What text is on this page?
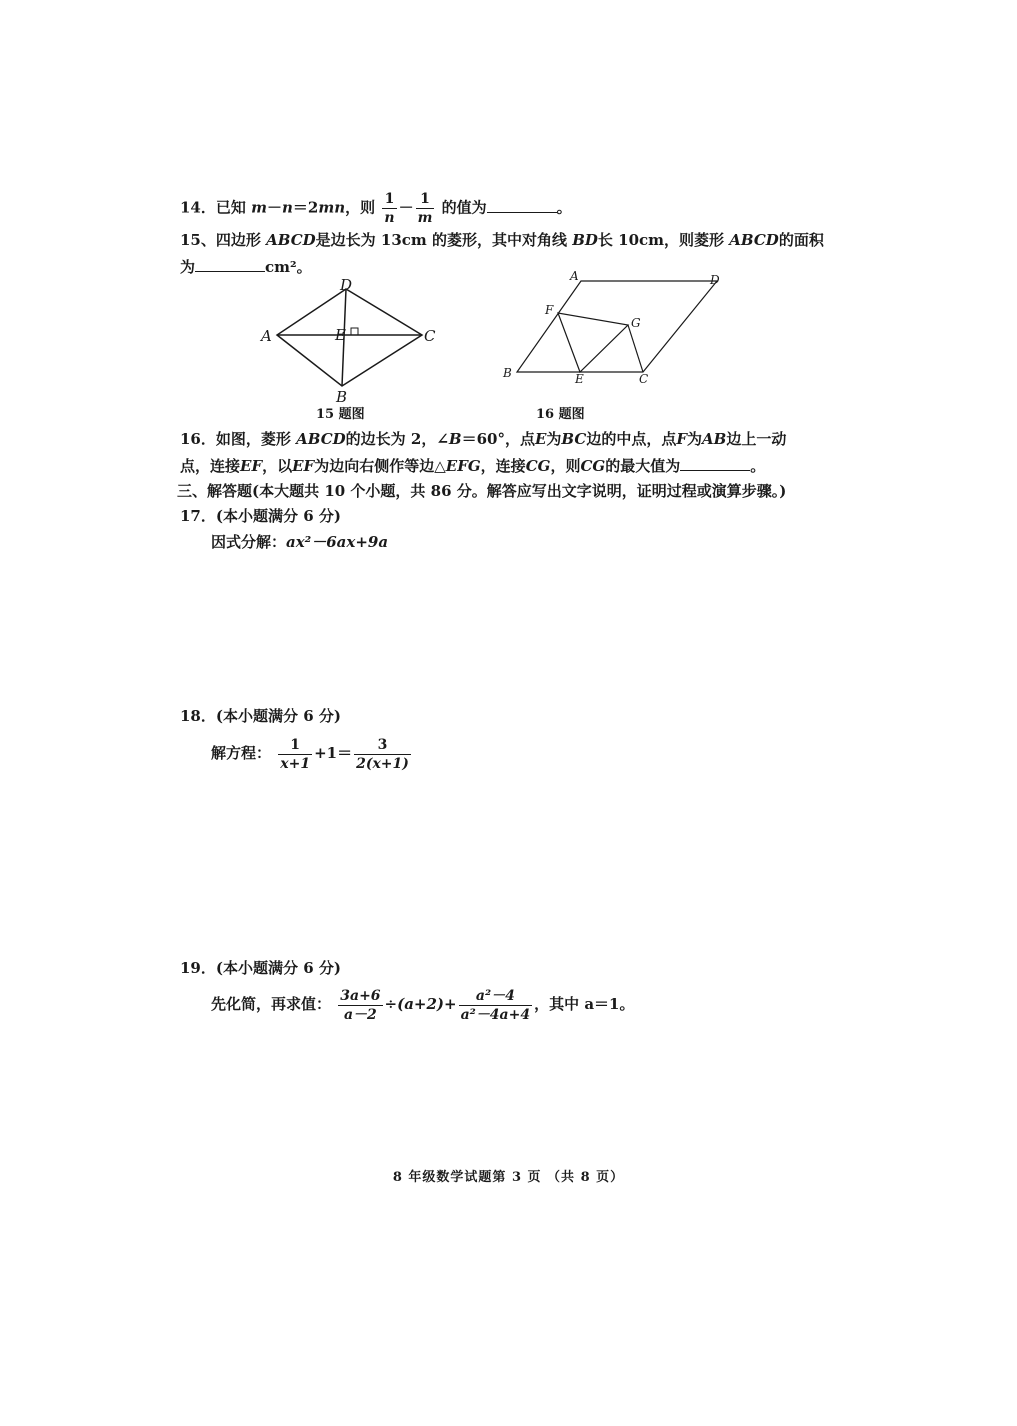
14．已知 m－n＝2mn，则 $\frac{1}{n} - \frac{1}{m}$ 的值为	。
15、四边形 ABCD是边长为 13cm 的菱形，其中对角线 BD长 10cm，则菱形 ABCD的面积
为	cm²。
D
A	C
E
B
15 题图
A	D
F
G
B	E	C
16 题图
16．如图，菱形 ABCD的边长为 2，∠B＝60°，点E为BC边的中点，点F为AB边上一动
点，连接EF，以EF为边向右侧作等边△EFG，连接CG，则CG的最大值为	。
三、解答题(本大题共 10 个小题，共 86 分。解答应写出文字说明，证明过程或演算步骤。)
17．(本小题满分 6 分)
因式分解：ax²－6ax+9a
18．(本小题满分 6 分)
解方程： $\frac{1}{x+1} +1= \frac{3}{2(x+1)}$
19．(本小题满分 6 分)
先化简，再求值： $\frac{3a+6}{a-2} \div(a+2)+ \frac{\text{a²－4}}{\text{a²－4a+4}}$ ，其中 a＝1。
8 年级数学试题第 3 页 （共 8 页）
